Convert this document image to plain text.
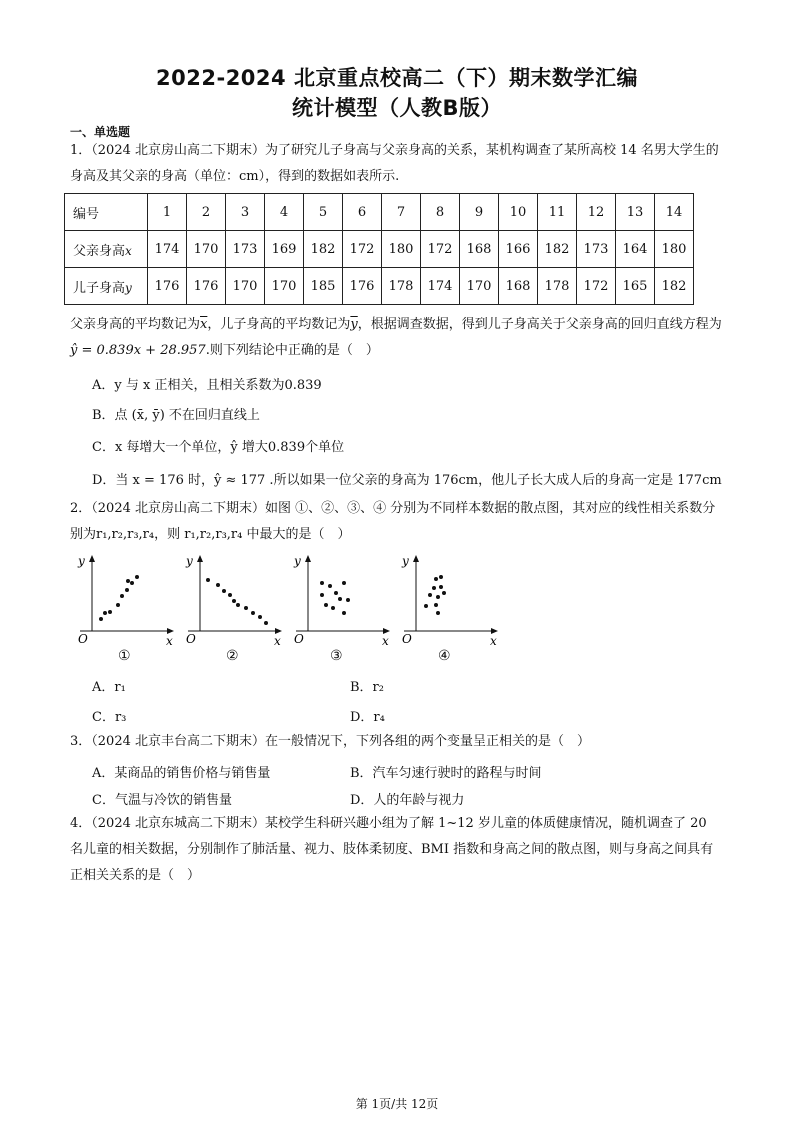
2022-2024 北京重点校高二（下）期末数学汇编
统计模型（人教B版）
一、单选题
1．（2024 北京房山高二下期末）为了研究儿子身高与父亲身高的关系，某机构调查了某所高校 14 名男大学生的身高及其父亲的身高（单位：cm），得到的数据如表所示.
编号	1	2	3	4	5	6	7	8	9	10	11	12	13	14
父亲身高x	174	170	173	169	182	172	180	172	168	166	182	173	164	180
儿子身高y	176	176	170	170	185	176	178	174	170	168	178	172	165	182
父亲身高的平均数记为$\overline{x}$，儿子身高的平均数记为$\overline{y}$，根据调查数据，得到儿子身高关于父亲身高的回归直线方程为ŷ = 0.839x + 28.957.则下列结论中正确的是（　）
A．y 与 x 正相关，且相关系数为0.839
B．点 (x̄, ȳ) 不在回归直线上
C．x 每增大一个单位，ŷ 增大0.839个单位
D．当 x = 176 时，ŷ ≈ 177 .所以如果一位父亲的身高为 176cm，他儿子长大成人后的身高一定是 177cm
2．（2024 北京房山高二下期末）如图 ①、②、③、④ 分别为不同样本数据的散点图，其对应的线性相关系数分别为r₁,r₂,r₃,r₄，则 r₁,r₂,r₃,r₄ 中最大的是（　）
y
x
O
y
x
O
y
x
O
y
x
O
①	②	③	④
A．r₁	B．r₂
C．r₃	D．r₄
3．（2024 北京丰台高二下期末）在一般情况下，下列各组的两个变量呈正相关的是（　）
A．某商品的销售价格与销售量	B．汽车匀速行驶时的路程与时间
C．气温与冷饮的销售量	D．人的年龄与视力
4．（2024 北京东城高二下期末）某校学生科研兴趣小组为了解 1~12 岁儿童的体质健康情况，随机调查了 20 名儿童的相关数据，分别制作了肺活量、视力、肢体柔韧度、BMI 指数和身高之间的散点图，则与身高之间具有正相关关系的是（　）
第 1页/共 12页
